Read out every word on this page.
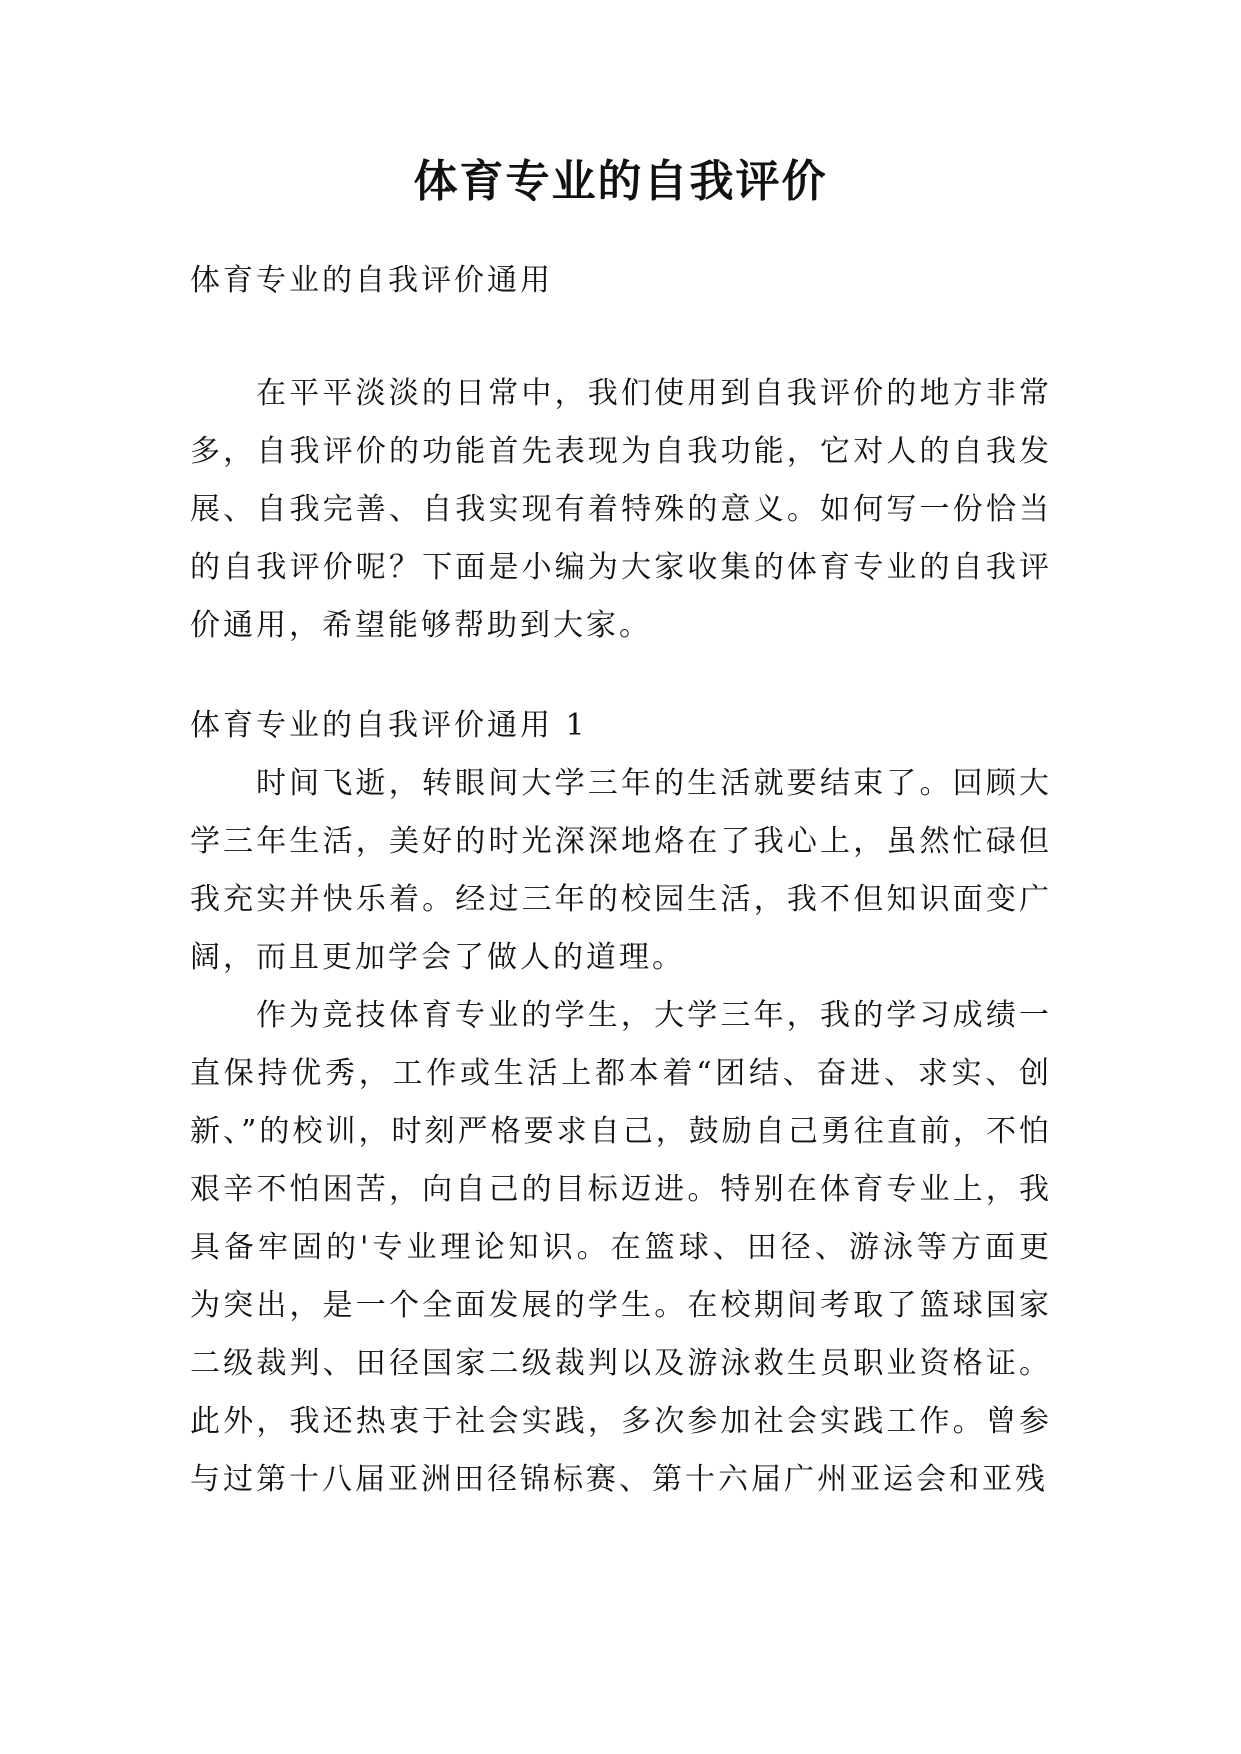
体育专业的自我评价

体育专业的自我评价通用

在平平淡淡的日常中，我们使用到自我评价的地方非常多，自我评价的功能首先表现为自我功能，它对人的自我发展、自我完善、自我实现有着特殊的意义。如何写一份恰当的自我评价呢？下面是小编为大家收集的体育专业的自我评价通用，希望能够帮助到大家。

体育专业的自我评价通用 1

时间飞逝，转眼间大学三年的生活就要结束了。回顾大学三年生活，美好的时光深深地烙在了我心上，虽然忙碌但我充实并快乐着。经过三年的校园生活，我不但知识面变广阔，而且更加学会了做人的道理。

作为竞技体育专业的学生，大学三年，我的学习成绩一直保持优秀，工作或生活上都本着“团结、奋进、求实、创新、”的校训，时刻严格要求自己，鼓励自己勇往直前，不怕艰辛不怕困苦，向自己的目标迈进。特别在体育专业上，我具备牢固的'专业理论知识。在篮球、田径、游泳等方面更为突出，是一个全面发展的学生。在校期间考取了篮球国家二级裁判、田径国家二级裁判以及游泳救生员职业资格证。此外，我还热衷于社会实践，多次参加社会实践工作。曾参与过第十八届亚洲田径锦标赛、第十六届广州亚运会和亚残
